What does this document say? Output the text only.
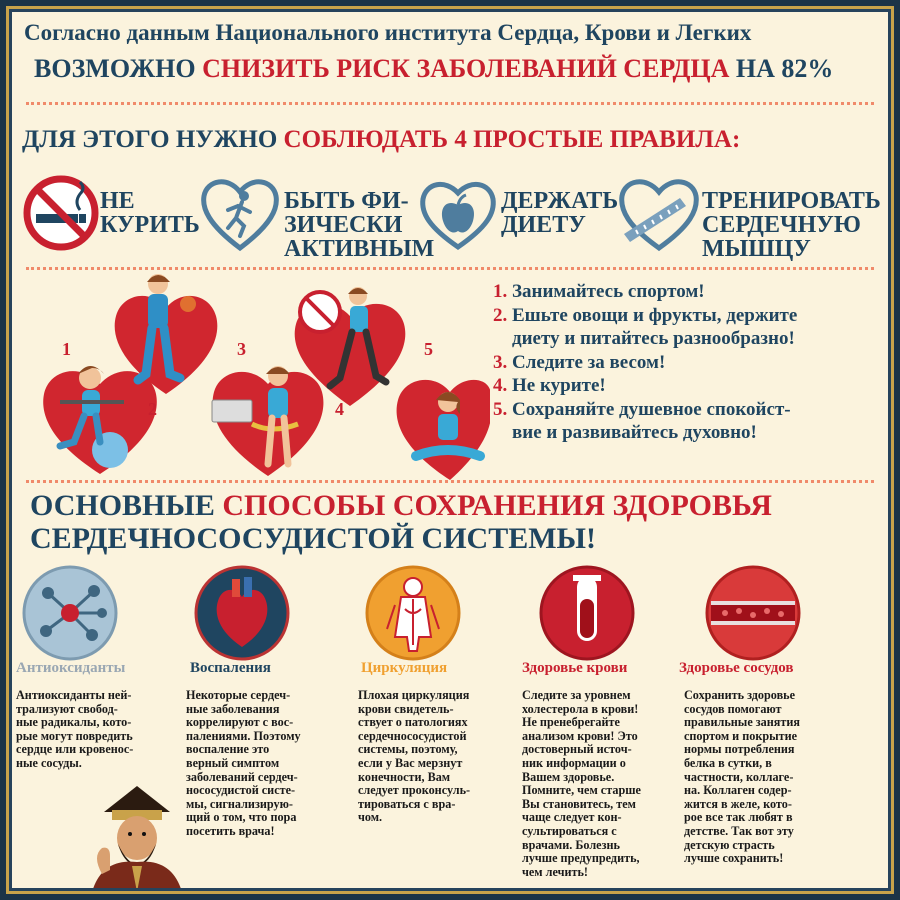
Согласно данным Национального института Сердца, Крови и Легких
ВОЗМОЖНО СНИЗИТЬ РИСК ЗАБОЛЕВАНИЙ СЕРДЦА НА 82%
ДЛЯ ЭТОГО НУЖНО СОБЛЮДАТЬ 4 ПРОСТЫЕ ПРАВИЛА:
НЕ
КУРИТЬ
БЫТЬ ФИ-
ЗИЧЕСКИ
АКТИВНЫМ
ДЕРЖАТЬ
ДИЕТУ
ТРЕНИРОВАТЬ
СЕРДЕЧНУЮ
МЫШЦУ
1
2
3
4
5
1. Занимайтесь спортом!
2. Ешьте овощи и фрукты, держите
диету и питайтесь разнообразно!
3. Следите за весом!
4. Не курите!
5. Сохраняйте душевное спокойст-
вие и развивайтесь духовно!
ОСНОВНЫЕ СПОСОБЫ СОХРАНЕНИЯ ЗДОРОВЬЯ
СЕРДЕЧНОСОСУДИСТОЙ СИСТЕМЫ!
Антиоксиданты	Воспаления	Циркуляция	Здоровье крови	Здоровье сосудов
Антиоксиданты ней-
трализуют свобод-
ные радикалы, кото-
рые могут повредить
сердце или кровенос-
ные сосуды.
Некоторые сердеч-
ные заболевания
коррелируют с вос-
палениями. Поэтому
воспаление это
верный симптом
заболеваний сердеч-
нососудистой систе-
мы, сигнализирую-
щий о том, что пора
посетить врача!
Плохая циркуляция
крови свидетель-
ствует о патологиях
сердечнососудистой
системы, поэтому,
если у Вас мерзнут
конечности, Вам
следует проконсуль-
тироваться с вра-
чом.
Следите за уровнем
холестерола в крови!
Не пренебрегайте
анализом крови! Это
достоверный источ-
ник информации о
Вашем здоровье.
Помните, чем старше
Вы становитесь, тем
чаще следует кон-
сультироваться с
врачами. Болезнь
лучше предупредить,
чем лечить!
Сохранить здоровье
сосудов помогают
правильные занятия
спортом и покрытие
нормы потребления
белка в сутки, в
частности, коллаге-
на. Коллаген содер-
жится в желе, кото-
рое все так любят в
детстве. Так вот эту
детскую страсть
лучше сохранить!
